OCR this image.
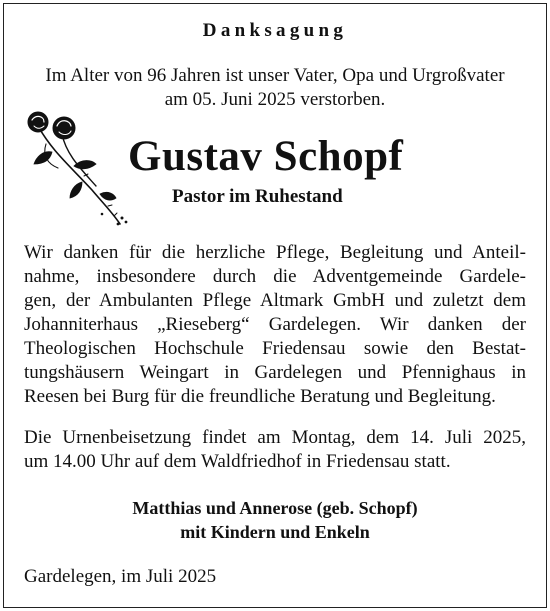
Danksagung
Im Alter von 96 Jahren ist unser Vater, Opa und Urgroßvater
am 05. Juni 2025 verstorben.
Gustav Schopf
Pastor im Ruhestand
Wir danken für die herzliche Pflege, Begleitung und Anteil-
nahme, insbesondere durch die Adventgemeinde Gardele-
gen, der Ambulanten Pflege Altmark GmbH und zuletzt dem
Johanniterhaus „Rieseberg“ Gardelegen. Wir danken der
Theologischen Hochschule Friedensau sowie den Bestat-
tungshäusern Weingart in Gardelegen und Pfennighaus in
Reesen bei Burg für die freundliche Beratung und Begleitung.
Die Urnenbeisetzung findet am Montag, dem 14. Juli 2025,
um 14.00 Uhr auf dem Waldfriedhof in Friedensau statt.
Matthias und Annerose (geb. Schopf)
mit Kindern und Enkeln
Gardelegen, im Juli 2025
